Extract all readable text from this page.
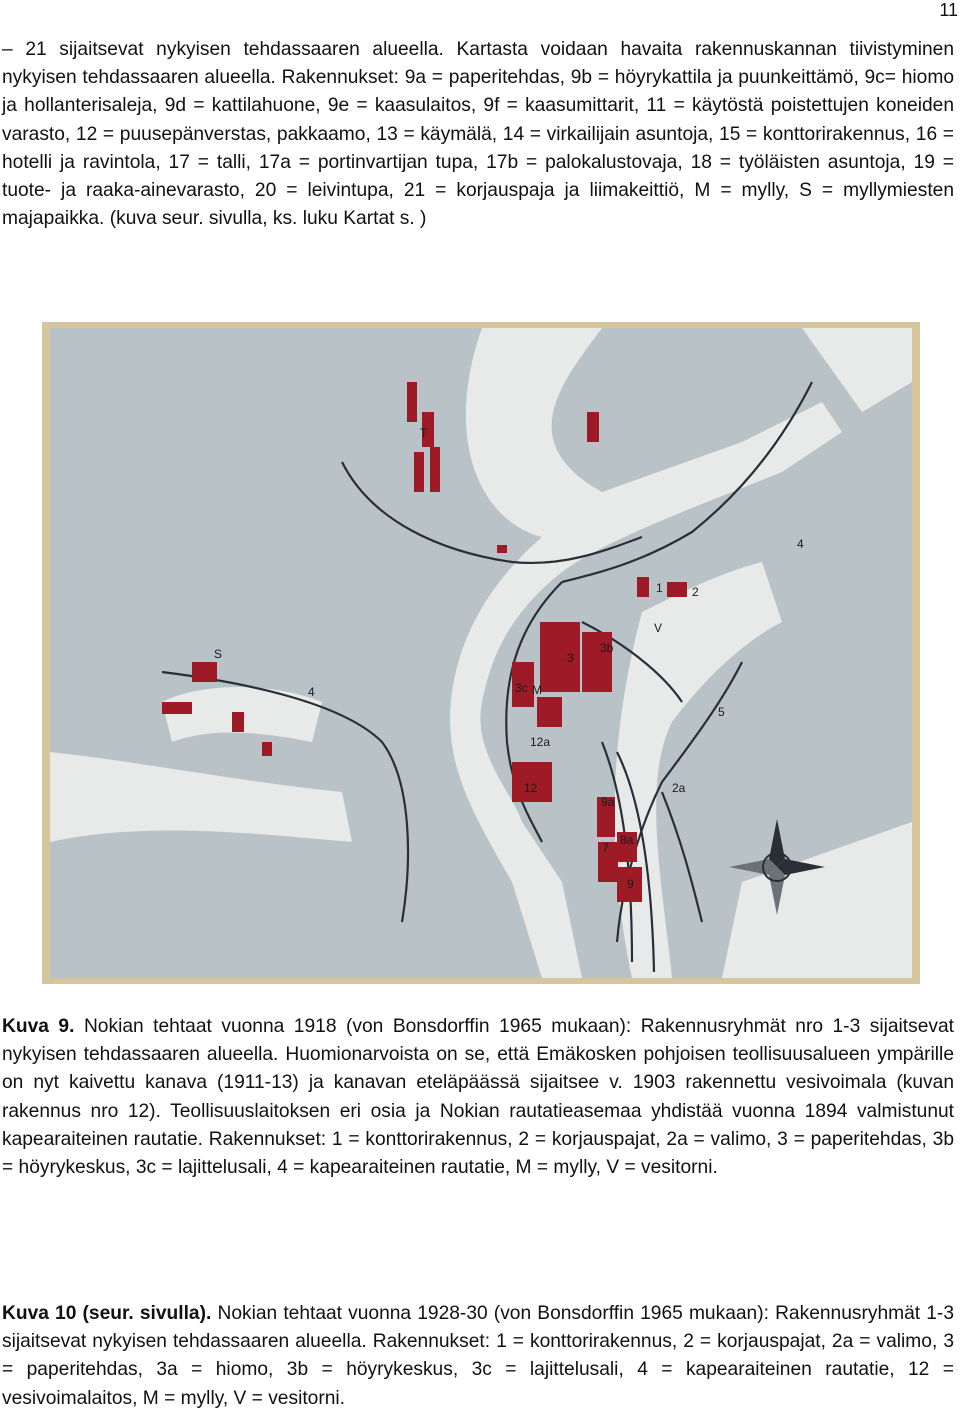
11
– 21 sijaitsevat nykyisen tehdassaaren alueella. Kartasta voidaan havaita rakennuskannan tiivistyminen nykyisen tehdassaaren alueella. Rakennukset: 9a = paperitehdas, 9b = höyrykattila ja puunkeittämö, 9c= hiomo ja hollanterisaleja, 9d = kattilahuone, 9e = kaasulaitos, 9f = kaasumittarit, 11 = käytöstä poistettujen koneiden varasto, 12 = puusepänverstas, pakkaamo, 13 = käymälä, 14 = virkailijain asuntoja, 15 = konttorirakennus, 16 = hotelli ja ravintola, 17 = talli, 17a = portinvartijan tupa, 17b = palokalustovaja, 18 = työläisten asuntoja, 19 = tuote- ja raaka-ainevarasto, 20 = leivintupa, 21 = korjauspaja ja liimakeittiö, M = mylly, S = myllymiesten majapaikka. (kuva seur. sivulla, ks. luku Kartat s. )
T
S
4
4
1 2
3
3b
3c M
V
5
12
12a
2a
9a
7
8a
9
Kuva 9. Nokian tehtaat vuonna 1918 (von Bonsdorffin 1965 mukaan): Rakennusryhmät nro 1-3 sijaitsevat nykyisen tehdassaaren alueella. Huomionarvoista on se, että Emäkosken pohjoisen teollisuusalueen ympärille on nyt kaivettu kanava (1911-13) ja kanavan eteläpäässä sijaitsee v. 1903 rakennettu vesivoimala (kuvan rakennus nro 12). Teollisuuslaitoksen eri osia ja Nokian rautatieasemaa yhdistää vuonna 1894 valmistunut kapearaiteinen rautatie. Rakennukset: 1 = konttorirakennus, 2 = korjauspajat, 2a = valimo, 3 = paperitehdas, 3b = höyrykeskus, 3c = lajittelusali, 4 = kapearaiteinen rautatie, M = mylly, V = vesitorni.
Kuva 10 (seur. sivulla). Nokian tehtaat vuonna 1928-30 (von Bonsdorffin 1965 mukaan): Rakennusryhmät 1-3 sijaitsevat nykyisen tehdassaaren alueella. Rakennukset: 1 = konttorirakennus, 2 = korjauspajat, 2a = valimo, 3 = paperitehdas, 3a = hiomo, 3b = höyrykeskus, 3c = lajittelusali, 4 = kapearaiteinen rautatie, 12 = vesivoimalaitos, M = mylly, V = vesitorni.
